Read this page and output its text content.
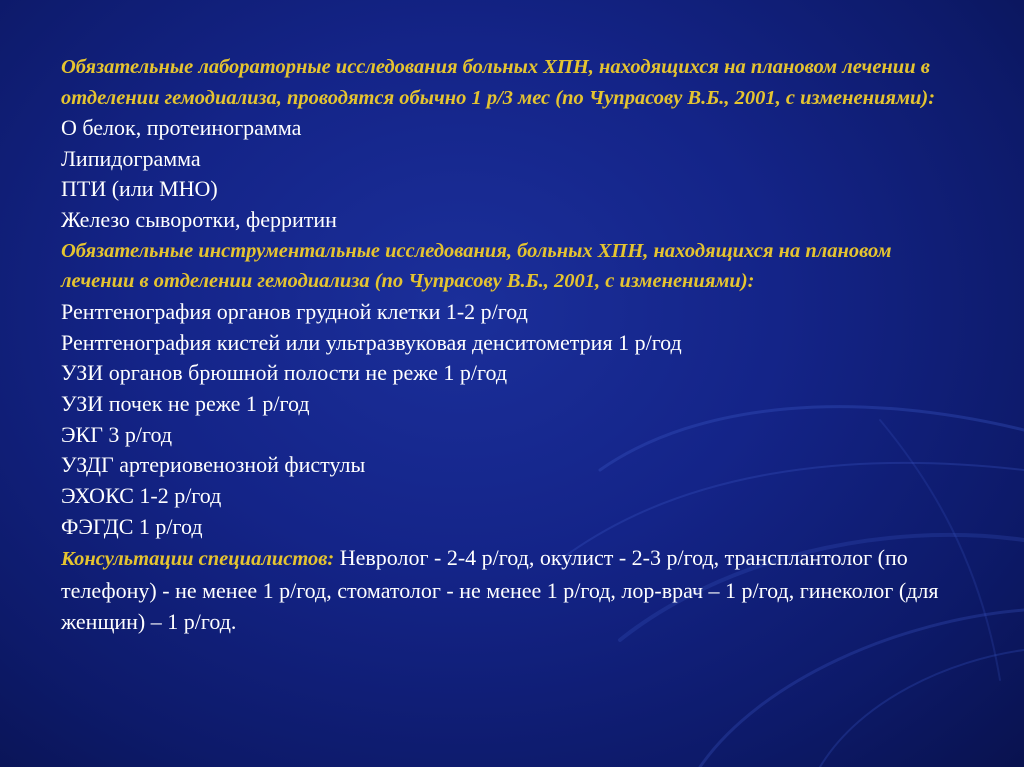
Обязательные лабораторные исследования больных ХПН, находящихся на плановом лечении в отделении гемодиализа, проводятся обычно 1 р/3 мес (по Чупрасову В.Б., 2001, с изменениями):

О белок, протеинограмма

Липидограмма

ПТИ (или МНО)

Железо сыворотки, ферритин

Обязательные инструментальные исследования, больных ХПН, находящихся на плановом лечении в отделении гемодиализа (по Чупрасову В.Б., 2001, с изменениями):

Рентгенография органов грудной клетки 1-2 р/год

Рентгенография кистей или ультразвуковая денситометрия 1 р/год

УЗИ органов брюшной полости не реже 1 р/год

УЗИ почек не реже 1 р/год

ЭКГ 3 р/год

УЗДГ артериовенозной фистулы

ЭХОКС 1-2 р/год

ФЭГДС 1 р/год

Консультации специалистов: Невролог - 2-4 р/год, окулист - 2-3 р/год, трансплантолог (по телефону) - не менее 1 р/год, стоматолог - не менее 1 р/год, лор-врач – 1 р/год, гинеколог (для женщин) – 1 р/год.
